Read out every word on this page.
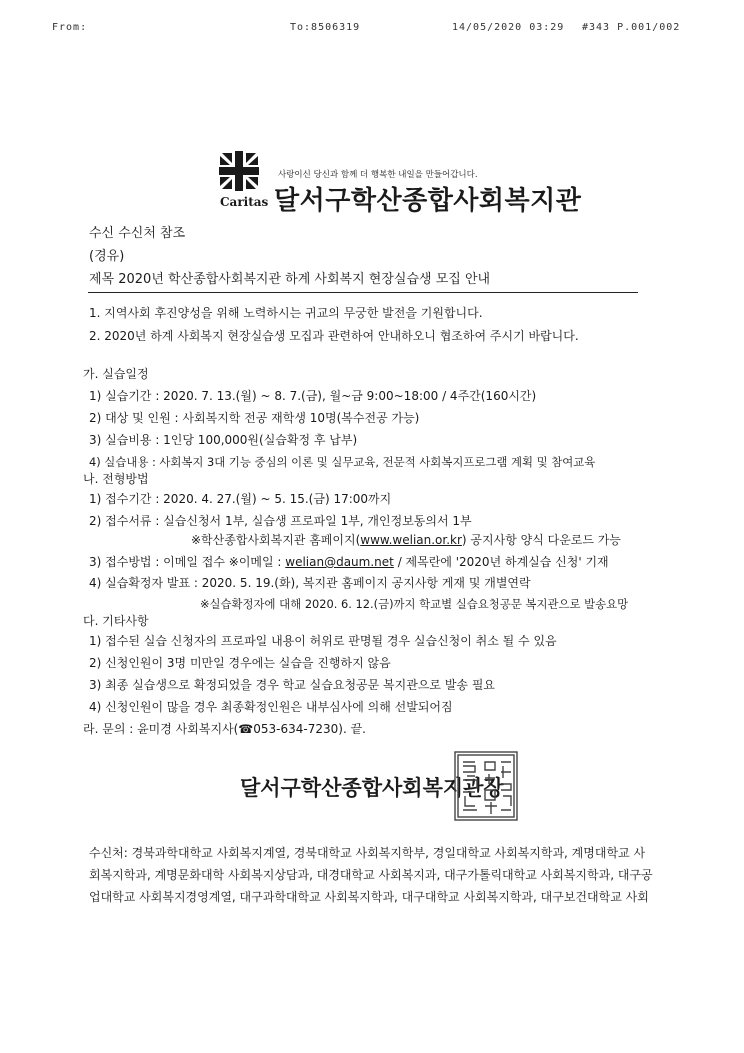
From:	To:8506319	14/05/2020 03:29 #343 P.001/002
Caritas
사랑이신 당신과 함께 더 행복한 내일을 만들어갑니다.
달서구학산종합사회복지관
수신 수신처 참조
(경유)
제목 2020년 학산종합사회복지관 하계 사회복지 현장실습생 모집 안내
1. 지역사회 후진양성을 위해 노력하시는 귀교의 무궁한 발전을 기원합니다.
2. 2020년 하계 사회복지 현장실습생 모집과 관련하여 안내하오니 협조하여 주시기 바랍니다.
가. 실습일정
1) 실습기간 : 2020. 7. 13.(월) ~ 8. 7.(금), 월~금 9:00~18:00 / 4주간(160시간)
2) 대상 및 인원 : 사회복지학 전공 재학생 10명(복수전공 가능)
3) 실습비용 : 1인당 100,000원(실습확정 후 납부)
4) 실습내용 : 사회복지 3대 기능 중심의 이론 및 실무교육, 전문적 사회복지프로그램 계획 및 참여교육
나. 전형방법
1) 접수기간 : 2020. 4. 27.(월) ~ 5. 15.(금) 17:00까지
2) 접수서류 : 실습신청서 1부, 실습생 프로파일 1부, 개인정보동의서 1부
※학산종합사회복지관 홈페이지(www.welian.or.kr) 공지사항 양식 다운로드 가능
3) 접수방법 : 이메일 접수 ※이메일 : welian@daum.net / 제목란에 '2020년 하계실습 신청' 기재
4) 실습확정자 발표 : 2020. 5. 19.(화), 복지관 홈페이지 공지사항 게재 및 개별연락
※실습확정자에 대해 2020. 6. 12.(금)까지 학교별 실습요청공문 복지관으로 발송요망
다. 기타사항
1) 접수된 실습 신청자의 프로파일 내용이 허위로 판명될 경우 실습신청이 취소 될 수 있음
2) 신청인원이 3명 미만일 경우에는 실습을 진행하지 않음
3) 최종 실습생으로 확정되었을 경우 학교 실습요청공문 복지관으로 발송 필요
4) 신청인원이 많을 경우 최종확정인원은 내부심사에 의해 선발되어짐
라. 문의 : 윤미경 사회복지사(☎053-634-7230). 끝.
달서구학산종합사회복지관장
수신처: 경북과학대학교 사회복지계열, 경북대학교 사회복지학부, 경일대학교 사회복지학과, 계명대학교 사
회복지학과, 계명문화대학 사회복지상담과, 대경대학교 사회복지과, 대구가톨릭대학교 사회복지학과, 대구공
업대학교 사회복지경영계열, 대구과학대학교 사회복지학과, 대구대학교 사회복지학과, 대구보건대학교 사회
